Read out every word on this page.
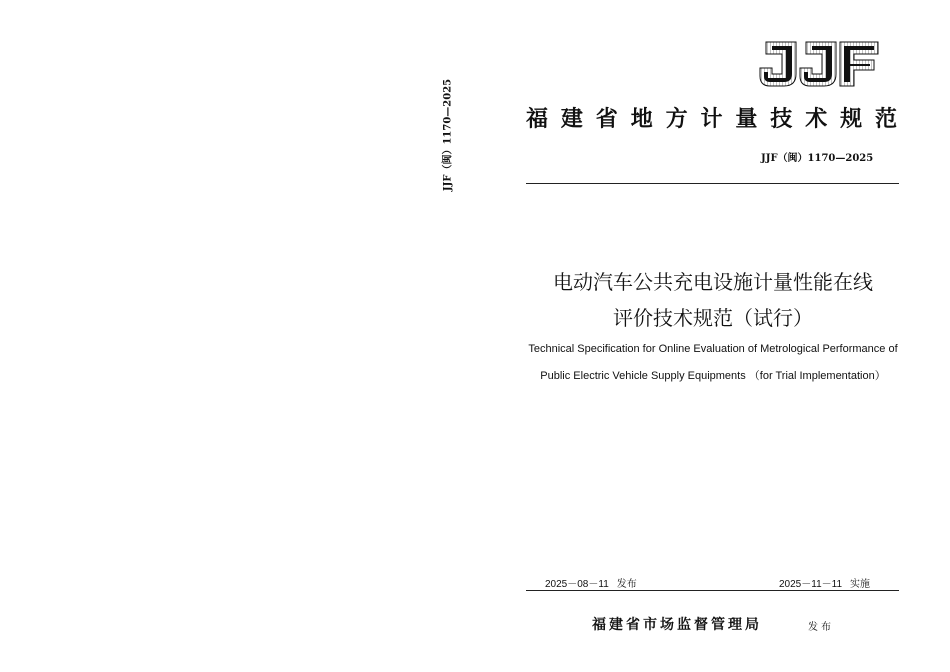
JJF（闽）1170—2025	福建省地方计量技术规范
JJF（闽）1170—2025
电动汽车公共充电设施计量性能在线
评价技术规范（试行）
Technical Specification for Online Evaluation of Metrological Performance of
Public Electric Vehicle Supply Equipments （for Trial Implementation）
2025－08－11 发布	2025－11－11 实施
福建省市场监督管理局	发布
